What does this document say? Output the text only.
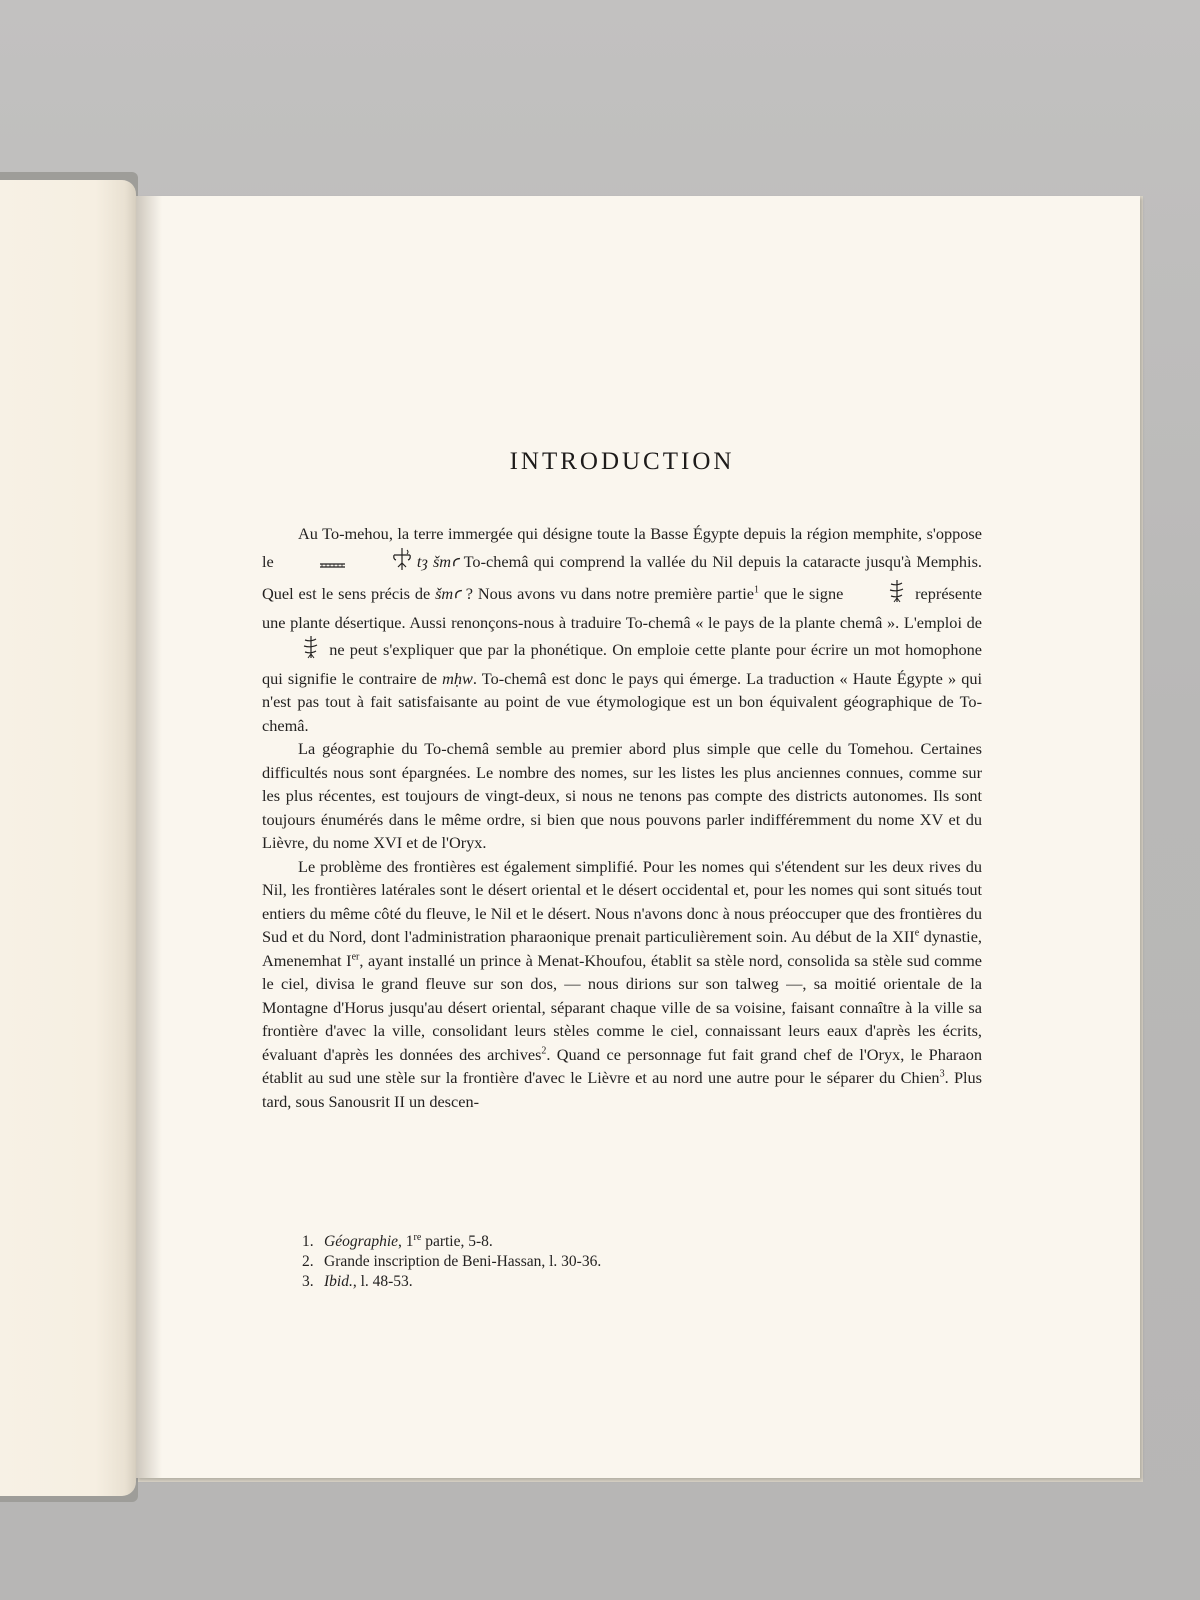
INTRODUCTION

Au To-mehou, la terre immergée qui désigne toute la Basse Égypte depuis la région memphite, s'oppose le	tȝ šmꜥ To-chemâ qui comprend la vallée du Nil depuis la cataracte jusqu'à Memphis. Quel est le sens précis de šmꜥ ? Nous avons vu dans notre première partie$^1$ que le signe	représente une plante désertique. Aussi renonçons-nous à traduire To-chemâ « le pays de la plante chemâ ». L'emploi de  ne peut s'expliquer que par la phonétique. On emploie cette plante pour écrire un mot homophone qui signifie le contraire de mḥw. To-chemâ est donc le pays qui émerge. La traduction « Haute Égypte » qui n'est pas tout à fait satisfaisante au point de vue étymologique est un bon équivalent géographique de To-chemâ.

La géographie du To-chemâ semble au premier abord plus simple que celle du Tomehou. Certaines difficultés nous sont épargnées. Le nombre des nomes, sur les listes les plus anciennes connues, comme sur les plus récentes, est toujours de vingt-deux, si nous ne tenons pas compte des districts autonomes. Ils sont toujours énumérés dans le même ordre, si bien que nous pouvons parler indifféremment du nome XV et du Lièvre, du nome XVI et de l'Oryx.

Le problème des frontières est également simplifié. Pour les nomes qui s'étendent sur les deux rives du Nil, les frontières latérales sont le désert oriental et le désert occidental et, pour les nomes qui sont situés tout entiers du même côté du fleuve, le Nil et le désert. Nous n'avons donc à nous préoccuper que des frontières du Sud et du Nord, dont l'administration pharaonique prenait particulièrement soin. Au début de la XIIe dynastie, Amenemhat Ier, ayant installé un prince à Menat-Khoufou, établit sa stèle nord, consolida sa stèle sud comme le ciel, divisa le grand fleuve sur son dos, — nous dirions sur son talweg —, sa moitié orientale de la Montagne d'Horus jusqu'au désert oriental, séparant chaque ville de sa voisine, faisant connaître à la ville sa frontière d'avec la ville, consolidant leurs stèles comme le ciel, connaissant leurs eaux d'après les écrits, évaluant d'après les données des archives$^2$. Quand ce personnage fut fait grand chef de l'Oryx, le Pharaon établit au sud une stèle sur la frontière d'avec le Lièvre et au nord une autre pour le séparer du Chien$^3$. Plus tard, sous Sanousrit II un descen-

1. Géographie, 1re partie, 5-8.
2. Grande inscription de Beni-Hassan, l. 30-36.
3. Ibid., l. 48-53.
